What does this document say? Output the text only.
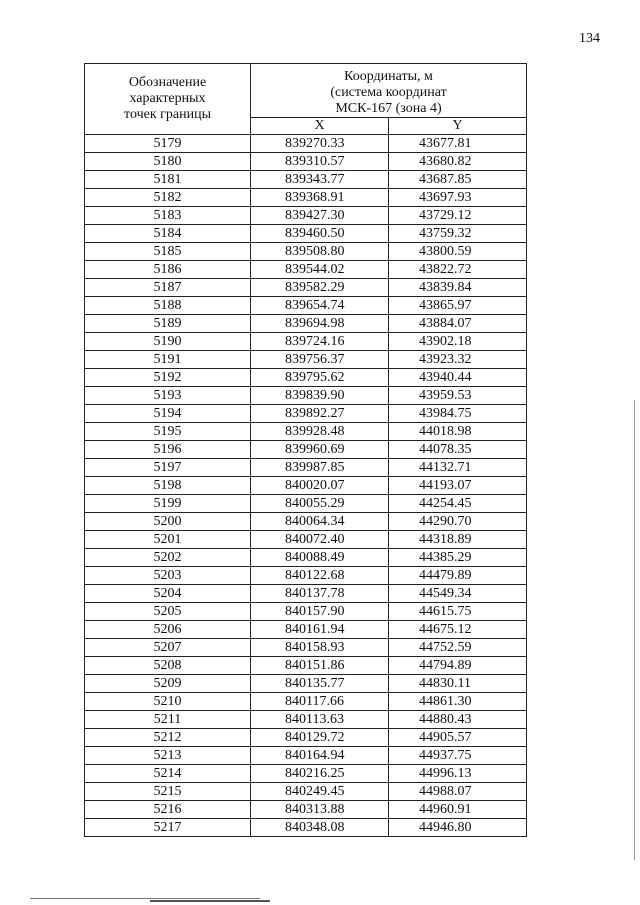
134
Обозначение
характерных
точек границы	Координаты, м
(система координат
МСК-167 (зона 4)	

	X	Y
5179	839270.33	43677.81
5180	839310.57	43680.82
5181	839343.77	43687.85
5182	839368.91	43697.93
5183	839427.30	43729.12
5184	839460.50	43759.32
5185	839508.80	43800.59
5186	839544.02	43822.72
5187	839582.29	43839.84
5188	839654.74	43865.97
5189	839694.98	43884.07
5190	839724.16	43902.18
5191	839756.37	43923.32
5192	839795.62	43940.44
5193	839839.90	43959.53
5194	839892.27	43984.75
5195	839928.48	44018.98
5196	839960.69	44078.35
5197	839987.85	44132.71
5198	840020.07	44193.07
5199	840055.29	44254.45
5200	840064.34	44290.70
5201	840072.40	44318.89
5202	840088.49	44385.29
5203	840122.68	44479.89
5204	840137.78	44549.34
5205	840157.90	44615.75
5206	840161.94	44675.12
5207	840158.93	44752.59
5208	840151.86	44794.89
5209	840135.77	44830.11
5210	840117.66	44861.30
5211	840113.63	44880.43
5212	840129.72	44905.57
5213	840164.94	44937.75
5214	840216.25	44996.13
5215	840249.45	44988.07
5216	840313.88	44960.91
5217	840348.08	44946.80
